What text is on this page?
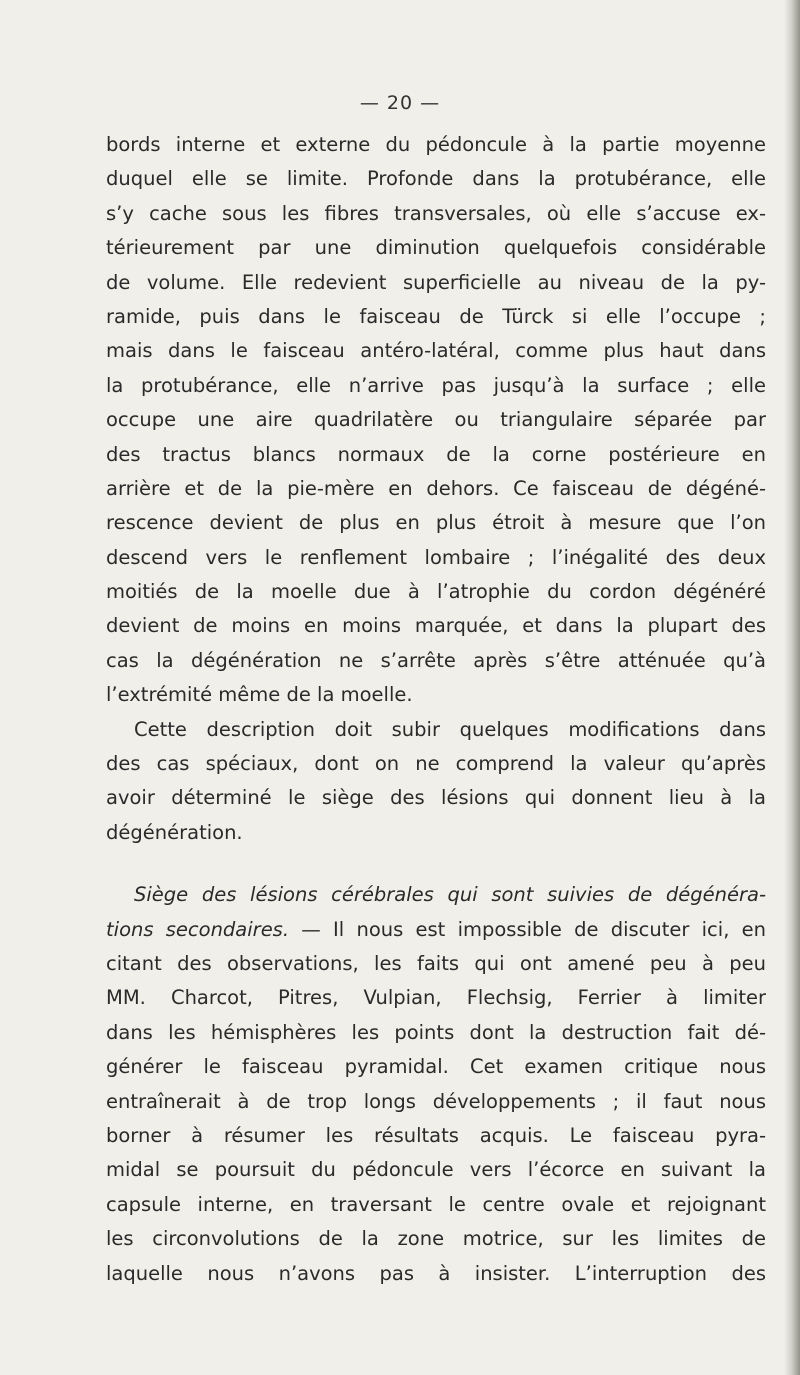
— 20 —
bords interne et externe du pédoncule à la partie moyenne
duquel elle se limite. Profonde dans la protubérance, elle
s’y cache sous les fibres transversales, où elle s’accuse ex-
térieurement par une diminution quelquefois considérable
de volume. Elle redevient superficielle au niveau de la py-
ramide, puis dans le faisceau de Türck si elle l’occupe ;
mais dans le faisceau antéro-latéral, comme plus haut dans
la protubérance, elle n’arrive pas jusqu’à la surface ; elle
occupe une aire quadrilatère ou triangulaire séparée par
des tractus blancs normaux de la corne postérieure en
arrière et de la pie-mère en dehors. Ce faisceau de dégéné-
rescence devient de plus en plus étroit à mesure que l’on
descend vers le renflement lombaire ; l’inégalité des deux
moitiés de la moelle due à l’atrophie du cordon dégénéré
devient de moins en moins marquée, et dans la plupart des
cas la dégénération ne s’arrête après s’être atténuée qu’à
l’extrémité même de la moelle.
Cette description doit subir quelques modifications dans
des cas spéciaux, dont on ne comprend la valeur qu’après
avoir déterminé le siège des lésions qui donnent lieu à la
dégénération.
Siège des lésions cérébrales qui sont suivies de dégénéra-
tions secondaires. — Il nous est impossible de discuter ici, en
citant des observations, les faits qui ont amené peu à peu
MM. Charcot, Pitres, Vulpian, Flechsig, Ferrier à limiter
dans les hémisphères les points dont la destruction fait dé-
générer le faisceau pyramidal. Cet examen critique nous
entraînerait à de trop longs développements ; il faut nous
borner à résumer les résultats acquis. Le faisceau pyra-
midal se poursuit du pédoncule vers l’écorce en suivant la
capsule interne, en traversant le centre ovale et rejoignant
les circonvolutions de la zone motrice, sur les limites de
laquelle nous n’avons pas à insister. L’interruption des
